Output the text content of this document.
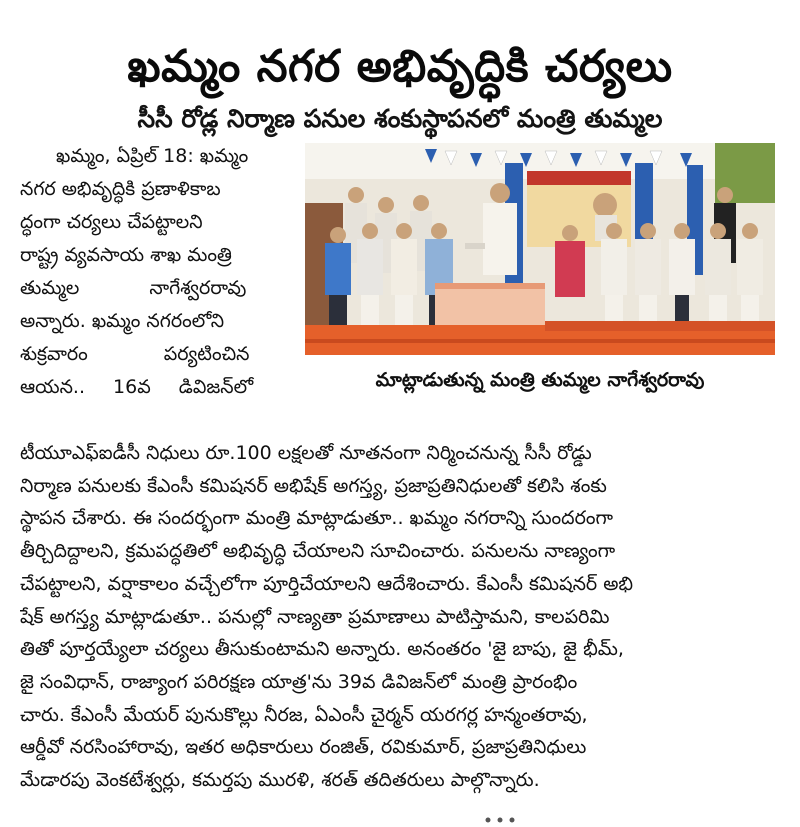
ఖమ్మం నగర అభివృద్ధికి చర్యలు
సీసీ రోడ్ల నిర్మాణ పనుల శంకుస్థాపనలో మంత్రి తుమ్మల
ఖమ్మం, ఏప్రిల్ 18: ఖమ్మం
నగర అభివృద్ధికి ప్రణాళికాబ
ద్ధంగా చర్యలు చేపట్టాలని
రాష్ట్ర వ్యవసాయ శాఖ మంత్రి
తుమ్మల నాగేశ్వరరావు
అన్నారు. ఖమ్మం నగరంలోని
శుక్రవారం పర్యటించిన
ఆయన.. 16వ డివిజన్‌లో	మాట్లాడుతున్న మంత్రి తుమ్మల నాగేశ్వరరావు
టీయూఎఫ్ఐడీసీ నిధులు రూ.100 లక్షలతో నూతనంగా నిర్మించనున్న సీసీ రోడ్డు
నిర్మాణ పనులకు కేఎంసీ కమిషనర్ అభిషేక్ అగస్త్య, ప్రజాప్రతినిధులతో కలిసి శంకు
స్థాపన చేశారు. ఈ సందర్భంగా మంత్రి మాట్లాడుతూ.. ఖమ్మం నగరాన్ని సుందరంగా
తీర్చిదిద్దాలని, క్రమపద్ధతిలో అభివృద్ధి చేయాలని సూచించారు. పనులను నాణ్యంగా
చేపట్టాలని, వర్షాకాలం వచ్చేలోగా పూర్తిచేయాలని ఆదేశించారు. కేఎంసీ కమిషనర్ అభి
షేక్ అగస్త్య మాట్లాడుతూ.. పనుల్లో నాణ్యతా ప్రమాణాలు పాటిస్తామని, కాలపరిమి
తితో పూర్తయ్యేలా చర్యలు తీసుకుంటామని అన్నారు. అనంతరం 'జై బాపు, జై భీమ్,
జై సంవిధాన్, రాజ్యాంగ పరిరక్షణ యాత్ర'ను 39వ డివిజన్‌లో మంత్రి ప్రారంభిం
చారు. కేఎంసీ మేయర్ పునుకొల్లు నీరజ, ఏఎంసీ చైర్మన్ యరగర్ల హన్మంతరావు,
ఆర్డీవో నరసింహారావు, ఇతర అధికారులు రంజిత్, రవికుమార్, ప్రజాప్రతినిధులు
మేడారపు వెంకటేశ్వర్లు, కమర్తపు మురళి, శరత్ తదితరులు పాల్గొన్నారు.
